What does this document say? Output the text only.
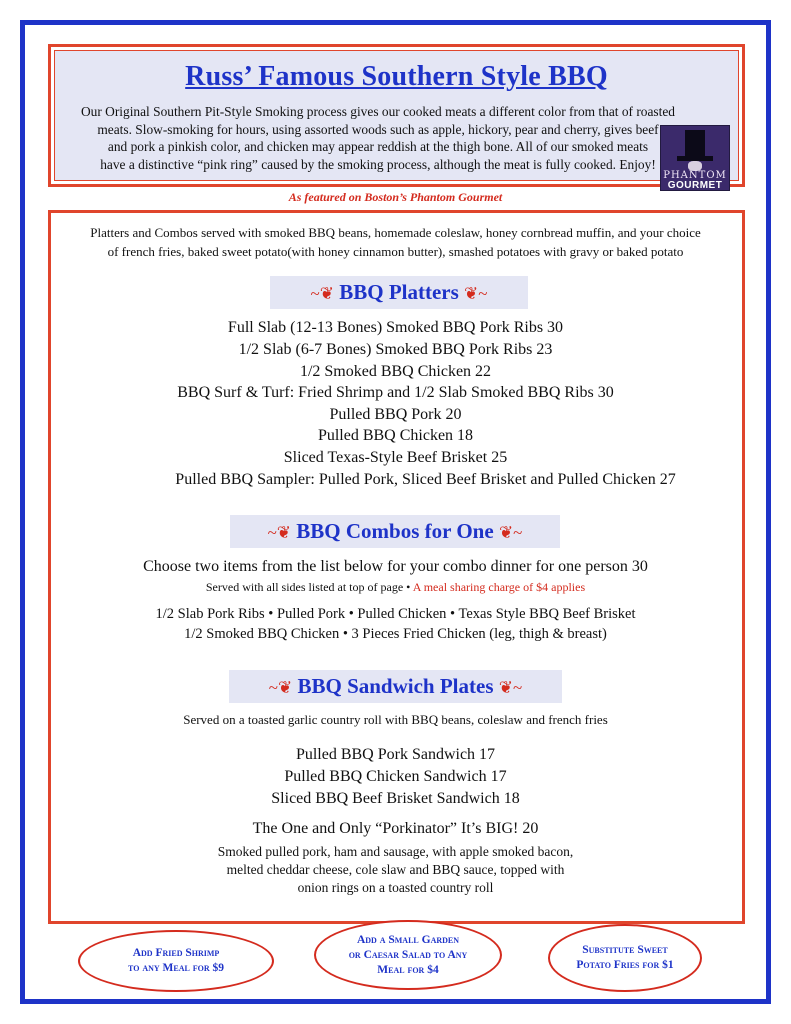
Russ’ Famous Southern Style BBQ
Our Original Southern Pit-Style Smoking process gives our cooked meats a different color from that of roasted
meats. Slow-smoking for hours, using assorted woods such as apple, hickory, pear and cherry, gives beef
and pork a pinkish color, and chicken may appear reddish at the thigh bone. All of our smoked meats
have a distinctive “pink ring” caused by the smoking process, although the meat is fully cooked. Enjoy!
PHANTOM
GOURMET
As featured on Boston’s Phantom Gourmet
Platters and Combos served with smoked BBQ beans, homemade coleslaw, honey cornbread muffin, and your choice
of french fries, baked sweet potato(with honey cinnamon butter), smashed potatoes with gravy or baked potato
~❦ BBQ Platters ❦~
Full Slab (12-13 Bones) Smoked BBQ Pork Ribs 30
1/2 Slab (6-7 Bones) Smoked BBQ Pork Ribs 23
1/2 Smoked BBQ Chicken 22
BBQ Surf & Turf: Fried Shrimp and 1/2 Slab Smoked BBQ Ribs 30
Pulled BBQ Pork 20
Pulled BBQ Chicken 18
Sliced Texas-Style Beef Brisket 25
Pulled BBQ Sampler: Pulled Pork, Sliced Beef Brisket and Pulled Chicken 27
~❦ BBQ Combos for One ❦~
Choose two items from the list below for your combo dinner for one person 30
Served with all sides listed at top of page • A meal sharing charge of $4 applies
1/2 Slab Pork Ribs • Pulled Pork • Pulled Chicken • Texas Style BBQ Beef Brisket
1/2 Smoked BBQ Chicken • 3 Pieces Fried Chicken (leg, thigh & breast)
~❦ BBQ Sandwich Plates ❦~
Served on a toasted garlic country roll with BBQ beans, coleslaw and french fries
Pulled BBQ Pork Sandwich 17
Pulled BBQ Chicken Sandwich 17
Sliced BBQ Beef Brisket Sandwich 18
The One and Only “Porkinator” It’s BIG! 20
Smoked pulled pork, ham and sausage, with apple smoked bacon,
melted cheddar cheese, cole slaw and BBQ sauce, topped with
onion rings on a toasted country roll
Add Fried Shrimp
to any Meal for $9
Add a Small Garden
or Caesar Salad to Any
Meal for $4
Substitute Sweet
Potato Fries for $1
